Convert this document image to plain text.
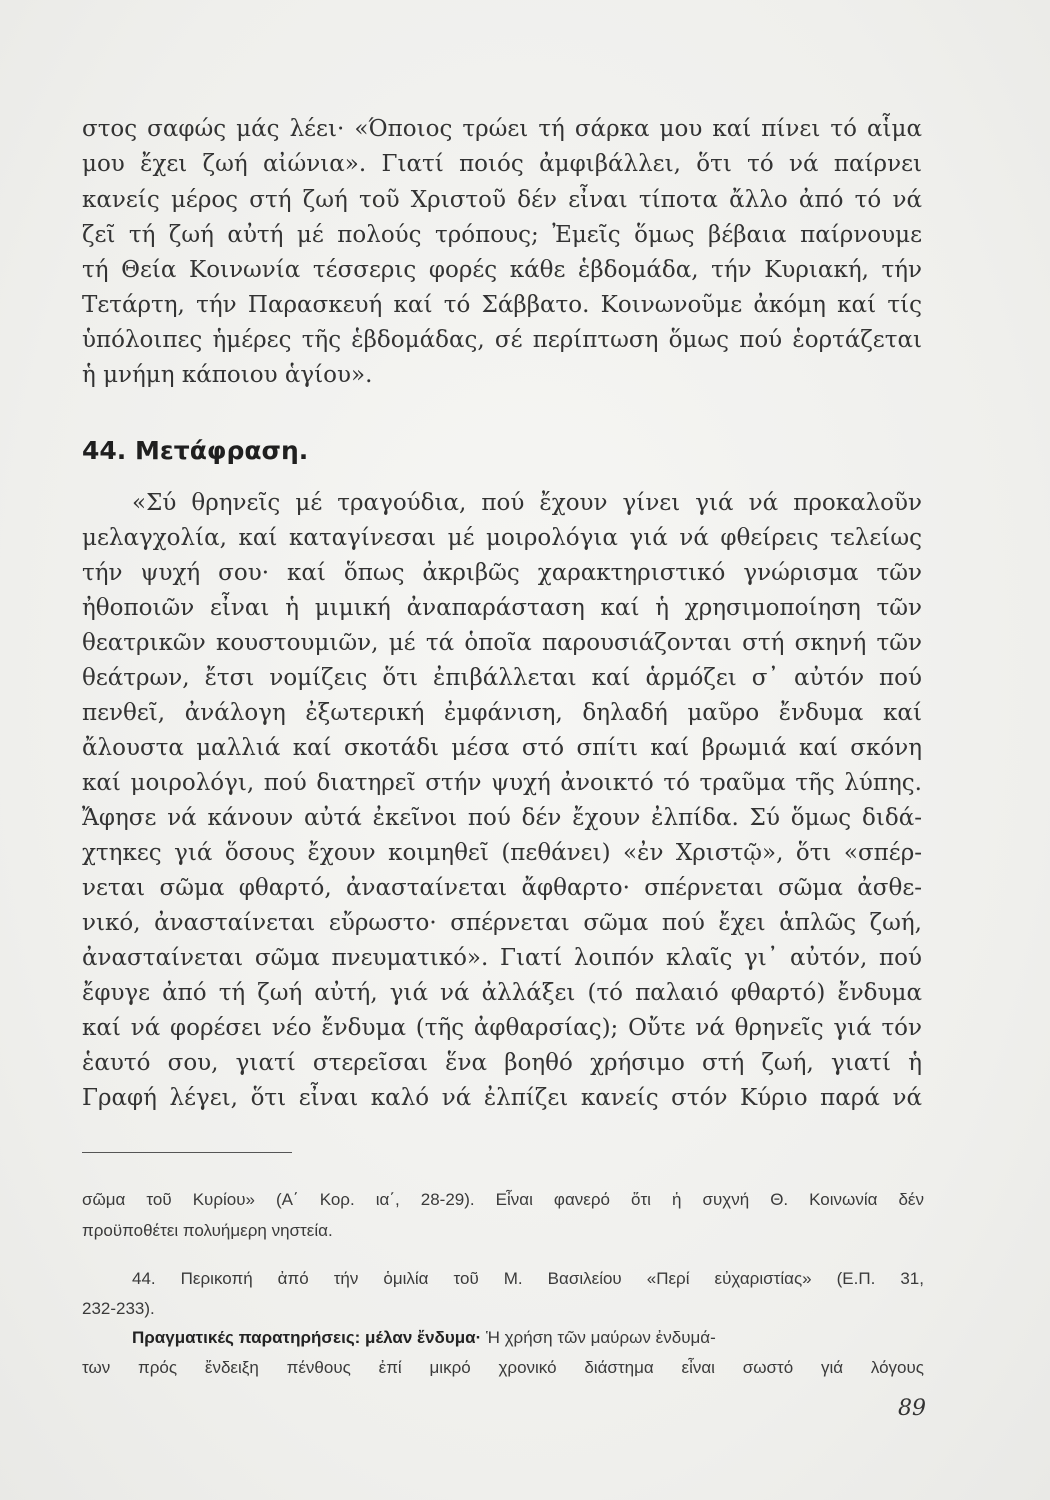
στος σαφώς μάς λέει· «Όποιος τρώει τή σάρκα μου καί πίνει τό αἷμα
μου ἔχει ζωή αἰώνια». Γιατί ποιός ἀμφιβάλλει, ὅτι τό νά παίρνει
κανείς μέρος στή ζωή τοῦ Χριστοῦ δέν εἶναι τίποτα ἄλλο ἀπό τό νά
ζεῖ τή ζωή αὐτή μέ πολούς τρόπους; Ἐμεῖς ὅμως βέβαια παίρνουμε
τή Θεία Κοινωνία τέσσερις φορές κάθε ἑβδομάδα, τήν Κυριακή, τήν
Τετάρτη, τήν Παρασκευή καί τό Σάββατο. Κοινωνοῦμε ἀκόμη καί τίς
ὑπόλοιπες ἡμέρες τῆς ἑβδομάδας, σέ περίπτωση ὅμως πού ἑορτάζεται
ἡ μνήμη κάποιου ἁγίου».
44. Μετάφραση.
«Σύ θρηνεῖς μέ τραγούδια, πού ἔχουν γίνει γιά νά προκαλοῦν
μελαγχολία, καί καταγίνεσαι μέ μοιρολόγια γιά νά φθείρεις τελείως
τήν ψυχή σου· καί ὅπως ἀκριβῶς χαρακτηριστικό γνώρισμα τῶν
ἠθοποιῶν εἶναι ἡ μιμική ἀναπαράσταση καί ἡ χρησιμοποίηση τῶν
θεατρικῶν κουστουμιῶν, μέ τά ὁποῖα παρουσιάζονται στή σκηνή τῶν
θεάτρων, ἔτσι νομίζεις ὅτι ἐπιβάλλεται καί ἁρμόζει σ᾽ αὐτόν πού
πενθεῖ, ἀνάλογη ἐξωτερική ἐμφάνιση, δηλαδή μαῦρο ἔνδυμα καί
ἄλουστα μαλλιά καί σκοτάδι μέσα στό σπίτι καί βρωμιά καί σκόνη
καί μοιρολόγι, πού διατηρεῖ στήν ψυχή ἀνοικτό τό τραῦμα τῆς λύπης.
Ἄφησε νά κάνουν αὐτά ἐκεῖνοι πού δέν ἔχουν ἐλπίδα. Σύ ὅμως διδά-
χτηκες γιά ὅσους ἔχουν κοιμηθεῖ (πεθάνει) «ἐν Χριστῷ», ὅτι «σπέρ-
νεται σῶμα φθαρτό, ἀνασταίνεται ἄφθαρτο· σπέρνεται σῶμα ἀσθε-
νικό, ἀνασταίνεται εὔρωστο· σπέρνεται σῶμα πού ἔχει ἁπλῶς ζωή,
ἀνασταίνεται σῶμα πνευματικό». Γιατί λοιπόν κλαῖς γι᾽ αὐτόν, πού
ἔφυγε ἀπό τή ζωή αὐτή, γιά νά ἀλλάξει (τό παλαιό φθαρτό) ἔνδυμα
καί νά φορέσει νέο ἔνδυμα (τῆς ἀφθαρσίας); Οὔτε νά θρηνεῖς γιά τόν
ἑαυτό σου, γιατί στερεῖσαι ἕνα βοηθό χρήσιμο στή ζωή, γιατί ἡ
Γραφή λέγει, ὅτι εἶναι καλό νά ἐλπίζει κανείς στόν Κύριο παρά νά
σῶμα τοῦ Κυρίου» (Α΄ Κορ. ια΄, 28-29). Εἶναι φανερό ὅτι ἡ συχνή Θ. Κοινωνία δέν
προϋποθέτει πολυήμερη νηστεία.
44. Περικοπή ἀπό τήν ὁμιλία τοῦ Μ. Βασιλείου «Περί εὐχαριστίας» (Ε.Π. 31,
232-233).
Πραγματικές παρατηρήσεις: μέλαν ἔνδυμα· Ἡ χρήση τῶν μαύρων ἐνδυμά-
των πρός ἔνδειξη πένθους ἐπί μικρό χρονικό διάστημα εἶναι σωστό γιά λόγους
89
